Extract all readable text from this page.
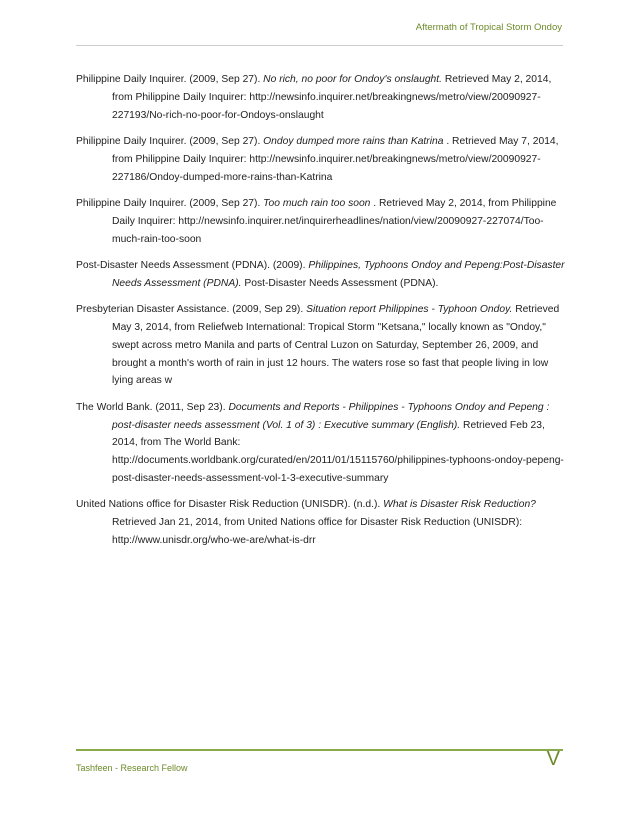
Aftermath of Tropical Storm Ondoy

Philippine Daily Inquirer. (2009, Sep 27). No rich, no poor for Ondoy's onslaught. Retrieved May 2, 2014, from Philippine Daily Inquirer: http://newsinfo.inquirer.net/breakingnews/metro/view/20090927-227193/No-rich-no-poor-for-Ondoys-onslaught

Philippine Daily Inquirer. (2009, Sep 27). Ondoy dumped more rains than Katrina . Retrieved May 7, 2014, from Philippine Daily Inquirer: http://newsinfo.inquirer.net/breakingnews/metro/view/20090927-227186/Ondoy-dumped-more-rains-than-Katrina

Philippine Daily Inquirer. (2009, Sep 27). Too much rain too soon . Retrieved May 2, 2014, from Philippine Daily Inquirer: http://newsinfo.inquirer.net/inquirerheadlines/nation/view/20090927-227074/Too-much-rain-too-soon

Post-Disaster Needs Assessment (PDNA). (2009). Philippines, Typhoons Ondoy and Pepeng:Post-Disaster Needs Assessment (PDNA). Post-Disaster Needs Assessment (PDNA).

Presbyterian Disaster Assistance. (2009, Sep 29). Situation report Philippines - Typhoon Ondoy. Retrieved May 3, 2014, from Reliefweb International: Tropical Storm "Ketsana," locally known as "Ondoy," swept across metro Manila and parts of Central Luzon on Saturday, September 26, 2009, and brought a month's worth of rain in just 12 hours. The waters rose so fast that people living in low lying areas w

The World Bank. (2011, Sep 23). Documents and Reports - Philippines - Typhoons Ondoy and Pepeng : post-disaster needs assessment (Vol. 1 of 3) : Executive summary (English). Retrieved Feb 23, 2014, from The World Bank: http://documents.worldbank.org/curated/en/2011/01/15115760/philippines-typhoons-ondoy-pepeng-post-disaster-needs-assessment-vol-1-3-executive-summary

United Nations office for Disaster Risk Reduction (UNISDR). (n.d.). What is Disaster Risk Reduction? Retrieved Jan 21, 2014, from United Nations office for Disaster Risk Reduction (UNISDR): http://www.unisdr.org/who-we-are/what-is-drr

Tashfeen - Research Fellow	V
